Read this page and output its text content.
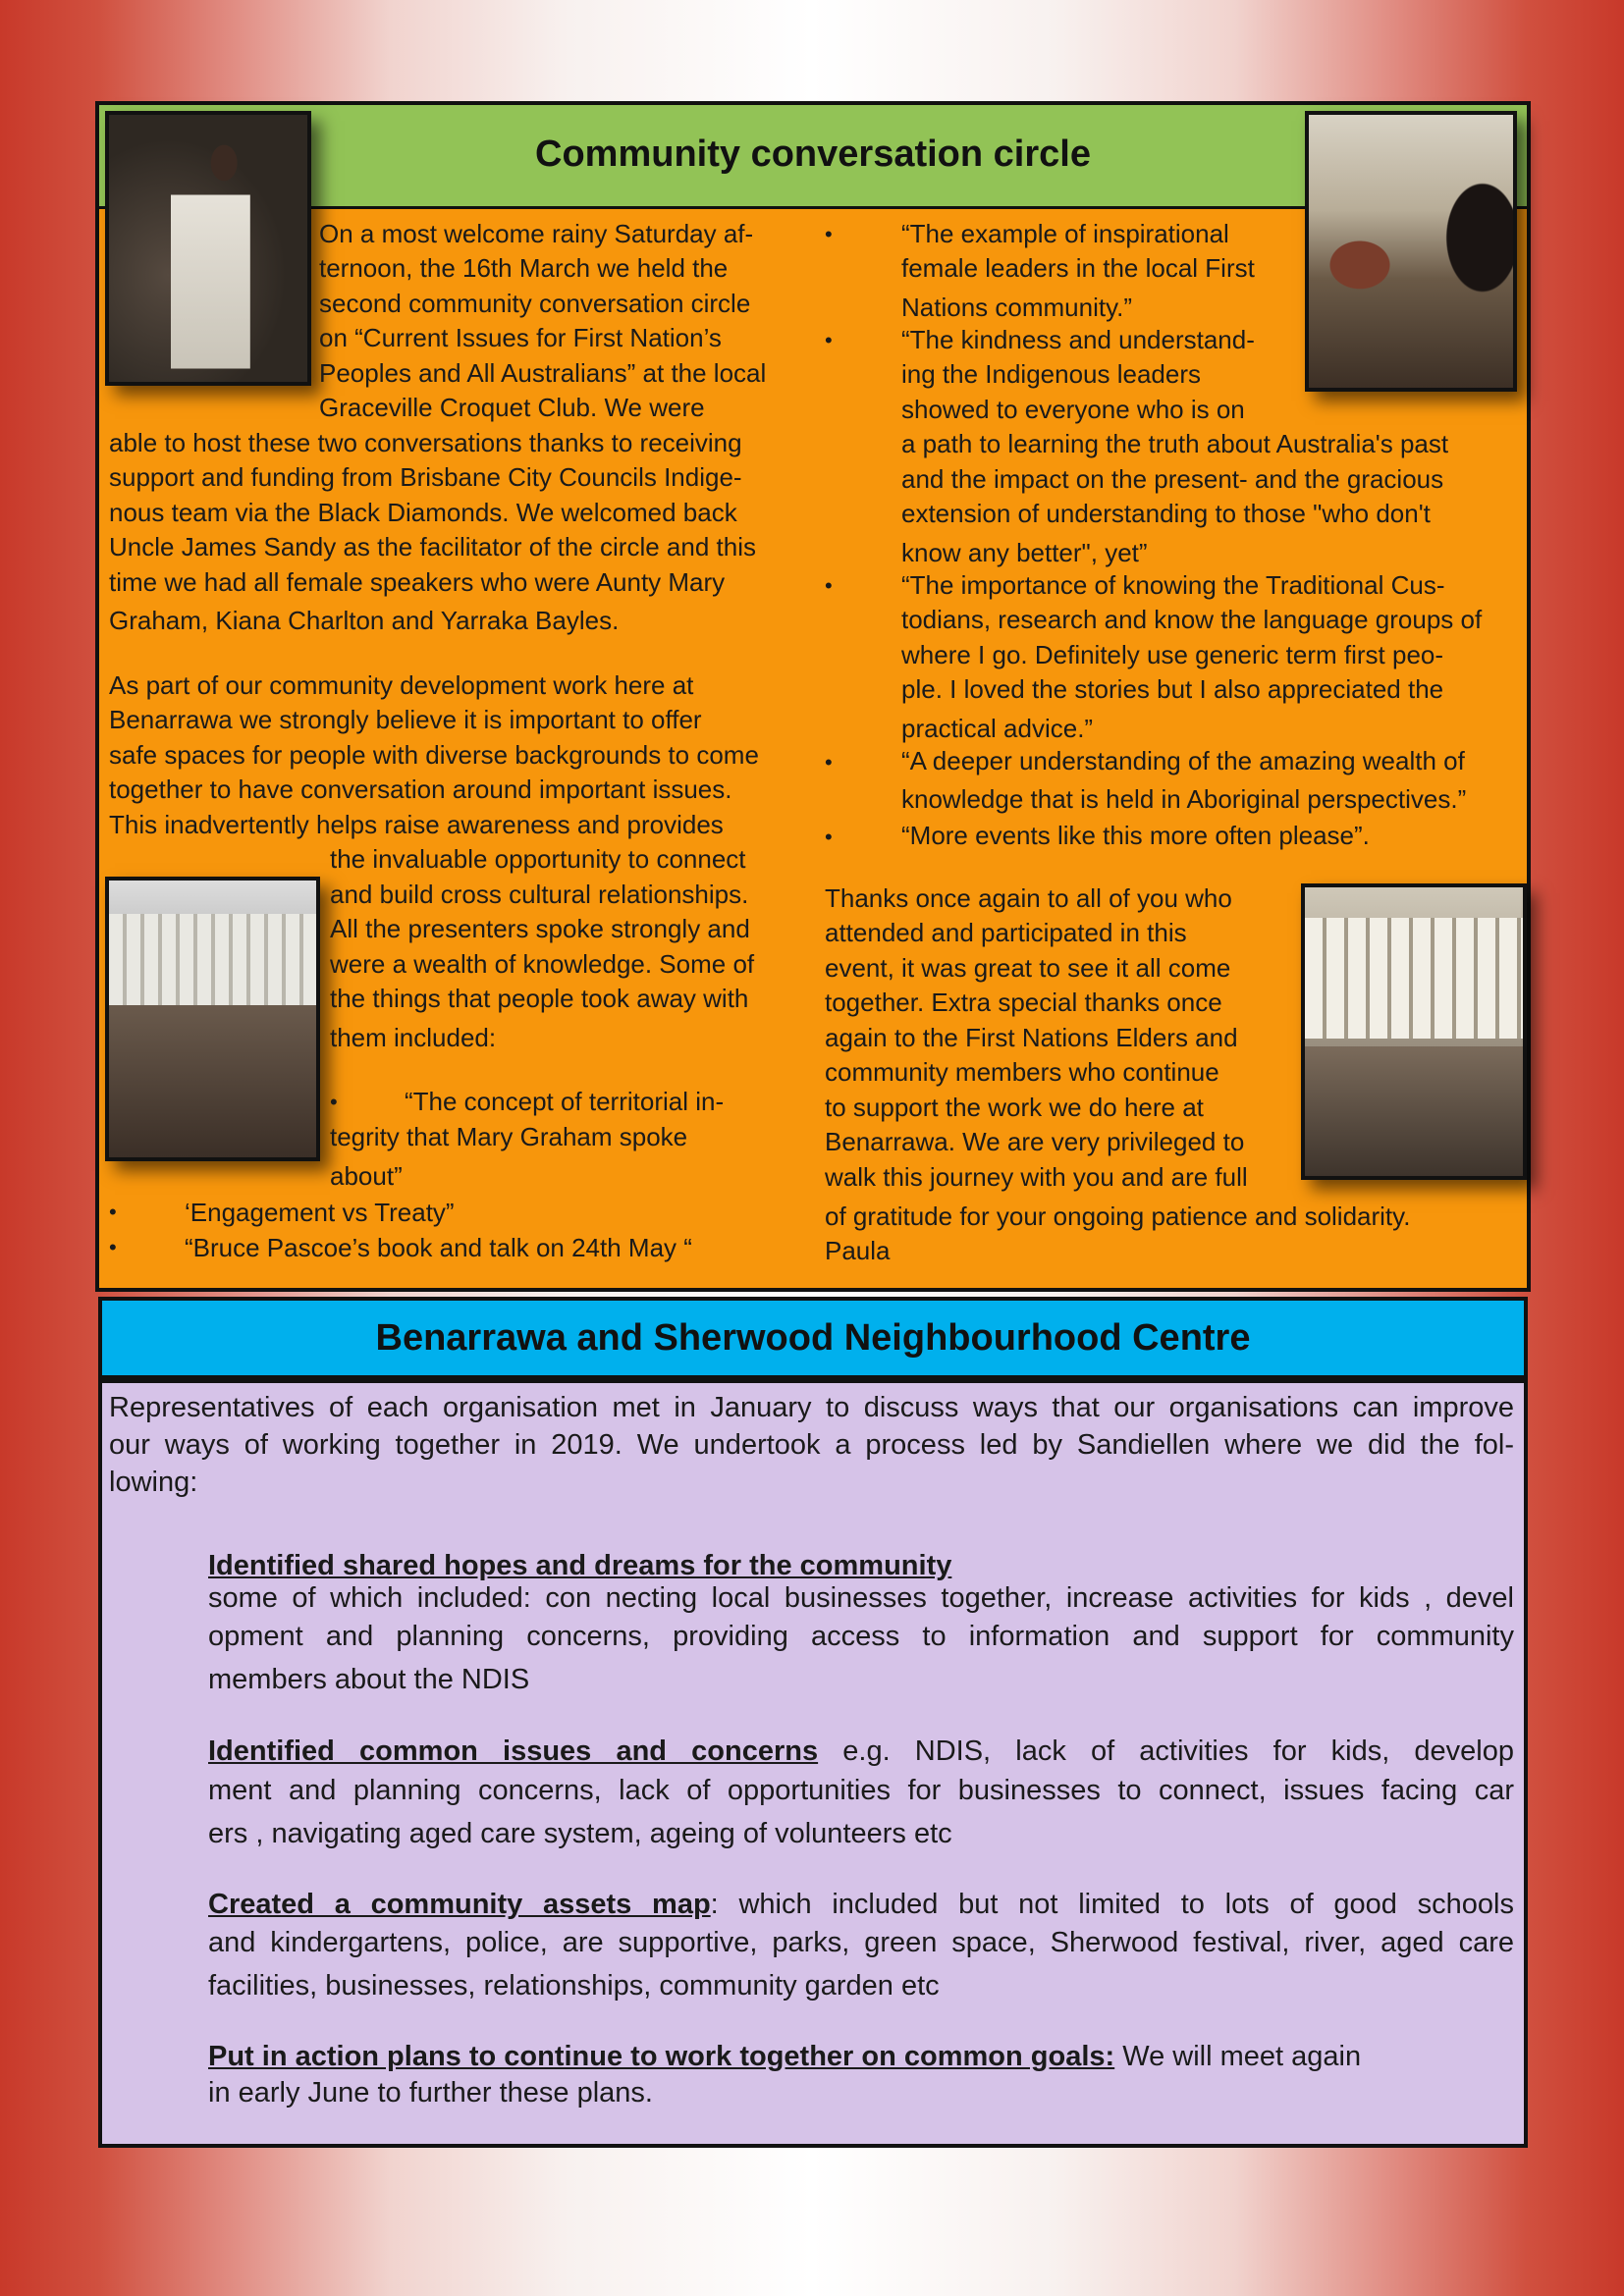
Community conversation circle
On a most welcome rainy Saturday af-
ternoon, the 16th March we held the
second community conversation circle
on “Current Issues for First Nation’s
Peoples and All Australians” at the local
Graceville Croquet Club. We were
able to host these two conversations thanks to receiving
support and funding from Brisbane City Councils Indige-
nous team via the Black Diamonds. We welcomed back
Uncle James Sandy as the facilitator of the circle and this
time we had all female speakers who were Aunty Mary
Graham, Kiana Charlton and Yarraka Bayles.
As part of our community development work here at
Benarrawa we strongly believe it is important to offer
safe spaces for people with diverse backgrounds to come
together to have conversation around important issues.
This inadvertently helps raise awareness and provides
the invaluable opportunity to connect
and build cross cultural relationships.
All the presenters spoke strongly and
were a wealth of knowledge. Some of
the things that people took away with
them included:
•	“The concept of territorial in-
tegrity that Mary Graham spoke
about”
•	‘Engagement vs Treaty”
•	“Bruce Pascoe’s book and talk on 24th May “
•	“The example of inspirational
female leaders in the local First
Nations community.”
•	“The kindness and understand-
ing the Indigenous leaders
showed to everyone who is on
a path to learning the truth about Australia's past
and the impact on the present- and the gracious
extension of understanding to those "who don't
know any better", yet”
•	“The importance of knowing the Traditional Cus-
todians, research and know the language groups of
where I go. Definitely use generic term first peo-
ple. I loved the stories but I also appreciated the
practical advice.”
•	“A deeper understanding of the amazing wealth of
knowledge that is held in Aboriginal perspectives.”
•	“More events like this more often please”.
Thanks once again to all of you who
attended and participated in this
event, it was great to see it all come
together. Extra special thanks once
again to the First Nations Elders and
community members who continue
to support the work we do here at
Benarrawa. We are very privileged to
walk this journey with you and are full
of gratitude for your ongoing patience and solidarity.
Paula
Benarrawa and Sherwood Neighbourhood Centre
Representatives of each organisation met in January to discuss ways that our organisations can improve
our ways of working together in 2019. We undertook a process led by Sandiellen where we did the fol-
lowing:
Identified shared hopes and dreams for the community
some of which included: con necting local businesses together, increase activities for kids , devel
opment and planning concerns, providing access to information and support for community
members about the NDIS
Identified common issues and concerns e.g. NDIS, lack of activities for kids, develop
ment and planning concerns, lack of opportunities for businesses to connect, issues facing car
ers , navigating aged care system, ageing of volunteers etc
Created a community assets map: which included but not limited to lots of good schools
and kindergartens, police, are supportive, parks, green space, Sherwood festival, river, aged care
facilities, businesses, relationships, community garden etc
Put in action plans to continue to work together on common goals: We will meet again
in early June to further these plans.
